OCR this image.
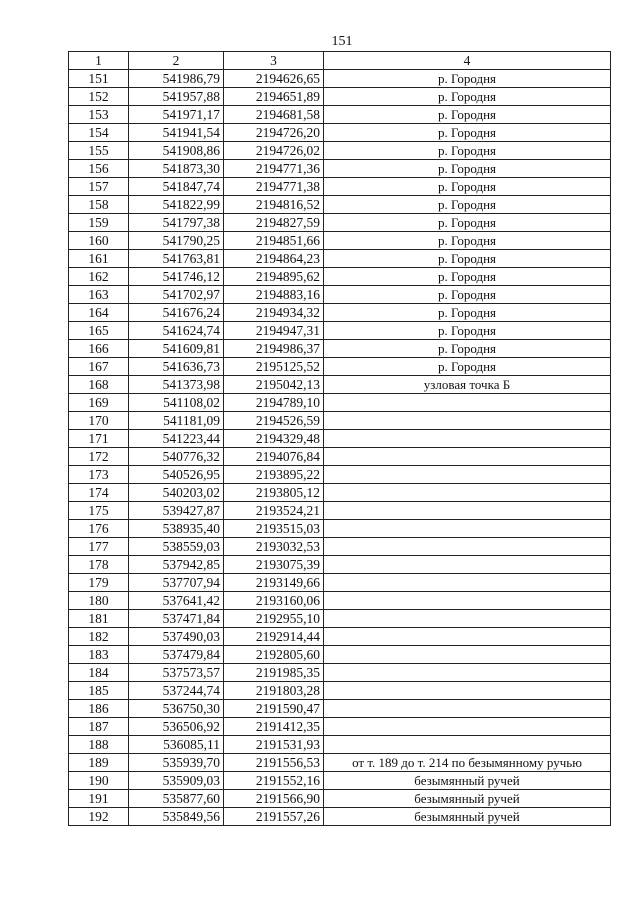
151
1	2	3	4
151	541986,79	2194626,65	р. Городня
152	541957,88	2194651,89	р. Городня
153	541971,17	2194681,58	р. Городня
154	541941,54	2194726,20	р. Городня
155	541908,86	2194726,02	р. Городня
156	541873,30	2194771,36	р. Городня
157	541847,74	2194771,38	р. Городня
158	541822,99	2194816,52	р. Городня
159	541797,38	2194827,59	р. Городня
160	541790,25	2194851,66	р. Городня
161	541763,81	2194864,23	р. Городня
162	541746,12	2194895,62	р. Городня
163	541702,97	2194883,16	р. Городня
164	541676,24	2194934,32	р. Городня
165	541624,74	2194947,31	р. Городня
166	541609,81	2194986,37	р. Городня
167	541636,73	2195125,52	р. Городня
168	541373,98	2195042,13	узловая точка Б
169	541108,02	2194789,10	
170	541181,09	2194526,59	
171	541223,44	2194329,48	
172	540776,32	2194076,84	
173	540526,95	2193895,22	
174	540203,02	2193805,12	
175	539427,87	2193524,21	
176	538935,40	2193515,03	
177	538559,03	2193032,53	
178	537942,85	2193075,39	
179	537707,94	2193149,66	
180	537641,42	2193160,06	
181	537471,84	2192955,10	
182	537490,03	2192914,44	
183	537479,84	2192805,60	
184	537573,57	2191985,35	
185	537244,74	2191803,28	
186	536750,30	2191590,47	
187	536506,92	2191412,35	
188	536085,11	2191531,93	
189	535939,70	2191556,53	от т. 189 до т. 214 по безымянному ручью
190	535909,03	2191552,16	безымянный ручей
191	535877,60	2191566,90	безымянный ручей
192	535849,56	2191557,26	безымянный ручей
